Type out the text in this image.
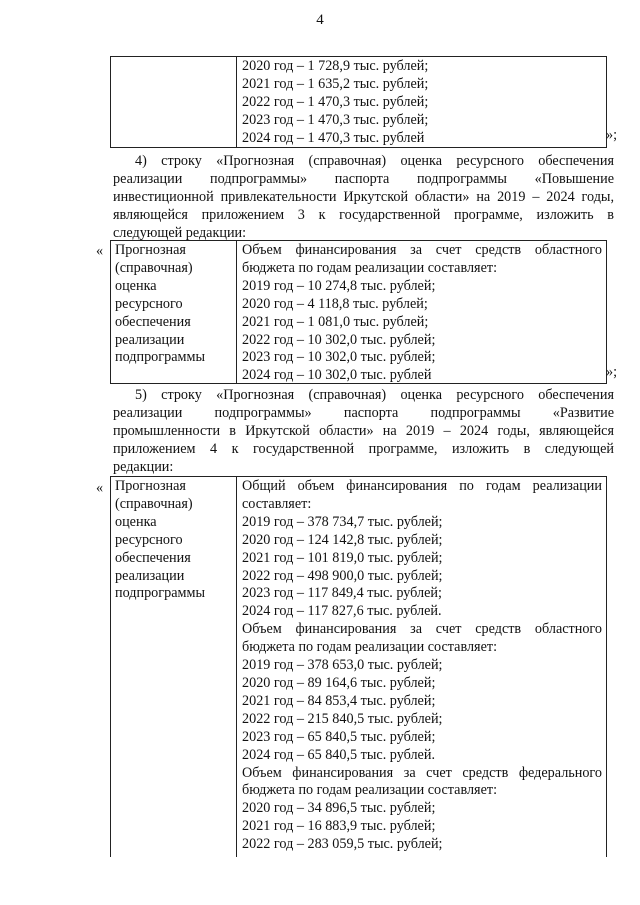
4
2020 год – 1 728,9 тыс. рублей;
2021 год – 1 635,2 тыс. рублей;
2022 год – 1 470,3 тыс. рублей;
2023 год – 1 470,3 тыс. рублей;
2024 год – 1 470,3 тыс. рублей	»;
4) строку «Прогнозная (справочная) оценка ресурсного обеспечения
реализации подпрограммы» паспорта подпрограммы «Повышение
инвестиционной привлекательности Иркутской области» на 2019 – 2024 годы,
являющейся приложением 3 к государственной программе, изложить в
следующей редакции:
« Прогнозная
(справочная)
оценка
ресурсного
обеспечения
реализации
подпрограммы
Объем финансирования за счет средств областного
бюджета по годам реализации составляет:
2019 год – 10 274,8 тыс. рублей;
2020 год – 4 118,8 тыс. рублей;
2021 год – 1 081,0 тыс. рублей;
2022 год – 10 302,0 тыс. рублей;
2023 год – 10 302,0 тыс. рублей;
2024 год – 10 302,0 тыс. рублей	»;
5) строку «Прогнозная (справочная) оценка ресурсного обеспечения
реализации подпрограммы» паспорта подпрограммы «Развитие
промышленности в Иркутской области» на 2019 – 2024 годы, являющейся
приложением 4 к государственной программе, изложить в следующей
редакции:
« Прогнозная
(справочная)
оценка
ресурсного
обеспечения
реализации
подпрограммы
Общий объем финансирования по годам реализации
составляет:
2019 год – 378 734,7 тыс. рублей;
2020 год – 124 142,8 тыс. рублей;
2021 год – 101 819,0 тыс. рублей;
2022 год – 498 900,0 тыс. рублей;
2023 год – 117 849,4 тыс. рублей;
2024 год – 117 827,6 тыс. рублей.
Объем финансирования за счет средств областного
бюджета по годам реализации составляет:
2019 год – 378 653,0 тыс. рублей;
2020 год – 89 164,6 тыс. рублей;
2021 год – 84 853,4 тыс. рублей;
2022 год – 215 840,5 тыс. рублей;
2023 год – 65 840,5 тыс. рублей;
2024 год – 65 840,5 тыс. рублей.
Объем финансирования за счет средств федерального
бюджета по годам реализации составляет:
2020 год – 34 896,5 тыс. рублей;
2021 год – 16 883,9 тыс. рублей;
2022 год – 283 059,5 тыс. рублей;
